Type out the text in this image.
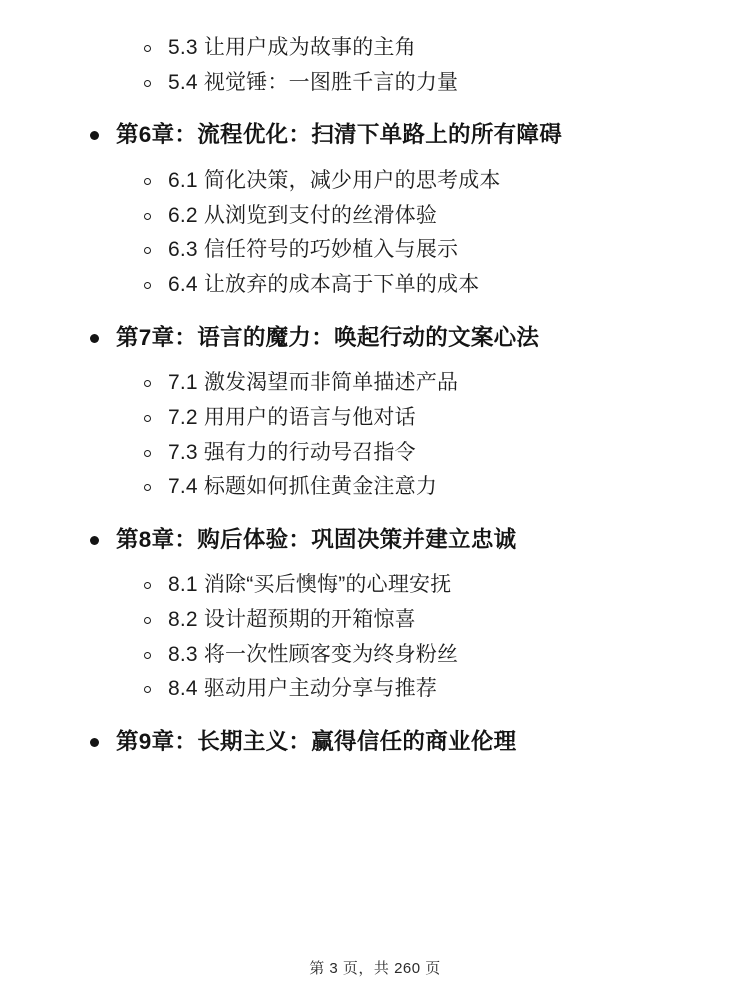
5.3 让用户成为故事的主角
5.4 视觉锤：一图胜千言的力量
第6章：流程优化：扫清下单路上的所有障碍
6.1 简化决策，减少用户的思考成本
6.2 从浏览到支付的丝滑体验
6.3 信任符号的巧妙植入与展示
6.4 让放弃的成本高于下单的成本
第7章：语言的魔力：唤起行动的文案心法
7.1 激发渴望而非简单描述产品
7.2 用用户的语言与他对话
7.3 强有力的行动号召指令
7.4 标题如何抓住黄金注意力
第8章：购后体验：巩固决策并建立忠诚
8.1 消除“买后懊悔”的心理安抚
8.2 设计超预期的开箱惊喜
8.3 将一次性顾客变为终身粉丝
8.4 驱动用户主动分享与推荐
第9章：长期主义：赢得信任的商业伦理
第 3 页，共 260 页
